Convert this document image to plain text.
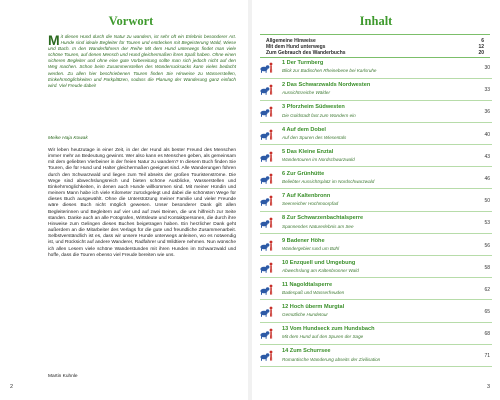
Vorwort
Mit diesen Hund durch die Natur zu wandern, ist sehr oft ein Erlebnis besonderer Art. Hunde sind ideale Begleiter für Touren und entdecken mit Begeisterung Wald, Wiese und Bach. In den Wanderführern der Reihe Mit dem Hund unterwegs findet man viele schöne Touren, auf denen Mensch und Hund gleichermaßen ihren Spaß haben. Ohne einen sicheren Begleiter und ohne eine gute Vorbereitung sollte man sich jedoch nicht auf den Weg machen. Schon beim Zusammenstellen des Wanderrucksacks kann vieles bedacht werden. Zu allen hier beschriebenen Touren finden Sie Hinweise zu Wasserstellen, Einkehrmöglichkeiten und Parkplätzen, sodass die Planung der Wanderung ganz einfach wird. Viel Freude dabei!
Meike Haja Kowak
Wir leben heutzutage in einer Zeit, in der der Hund als bester Freund des Menschen immer mehr an Bedeutung gewinnt. Wer also kann es Menschen geben, als gemeinsam mit dem geliebten Vierbeiner in der freien Natur zu wandern? In diesem Buch finden Sie Touren, die für Hund und Halter gleichermaßen geeignet sind. Alle Wanderungen führen durch den Schwarzwald und liegen zum Teil abseits der großen Touristenströme. Die Wege sind abwechslungsreich und bieten schöne Ausblicke, Wasserstellen und Einkehrmöglichkeiten, in denen auch Hunde willkommen sind. Mit meiner Hündin und meinem Mann habe ich viele Kilometer zurückgelegt und dabei die schönsten Wege für dieses Buch ausgewählt. Ohne die Unterstützung meiner Familie und vieler Freunde wäre dieses Buch nicht möglich gewesen. Unser besonderer Dank gilt allen Begleiterinnen und Begleitern auf vier und auf zwei Beinen, die uns hilfreich zur Seite standen. Danke auch an alle Fotografen, Wirtsleute und Kontaktpersonen, die durch ihre Hinweise zum Gelingen dieses Buches beigetragen haben. Ein herzlicher Dank geht außerdem an die Mitarbeiter des Verlags für die gute und freundliche Zusammenarbeit. Selbstverständlich ist es, dass wir unsere Hunde unterwegs anleinen, wo es notwendig ist, und Rücksicht auf andere Wanderer, Radfahrer und Wildtiere nehmen. Nun wünsche ich allen Lesern viele schöne Wanderstunden mit ihren Hunden im Schwarzwald und hoffe, dass die Touren ebenso viel Freude bereiten wie uns.
Martin Kuhnle
2
Inhalt
Allgemeine Hinweise	6
Mit dem Hund unterwegs	12
Zum Gebrauch des Wanderbuchs	20
1 Der Turmberg
Blick zur Badischen Rheinebene bei Karlsruhe	30
2 Das Schwarzwalds Nordwesten
Aussichtsreiche Wälder	33
3 Pforzheim Südwesten
Die Goldstadt fast zum Wandern ein	36
4 Auf dem Dobel
Auf den Spuren des Wiesentals	40
5 Das Kleine Enztal
Wandertouren im Nordschwarzwald	43
6 Zur Grünhütte
Beliebter Aussichtsplatz im Nordschwarzwald	46
7 Auf Kaltenbronn
Seenreicher Hochmoorpfad	50
8 Zur Schwarzenbachtalsperre
Spannendes Naturerlebnis am See	53
9 Badener Höhe
Wandergebiet rund um Bühl	56
10 Enzquell und Umgebung
Abwechslung am Kaltenbronner Wald	58
11 Nagoldtalsperre
Badespaß und Wasserfreuden	62
12 Hoch überm Murgtal
Gemütliche Hundetour	65
13 Vom Hundseck zum Hundsbach
Mit dem Hund auf den Spuren der Sage	68
14 Zum Schurrsee
Romantische Wanderung abseits der Zivilisation	71
3
